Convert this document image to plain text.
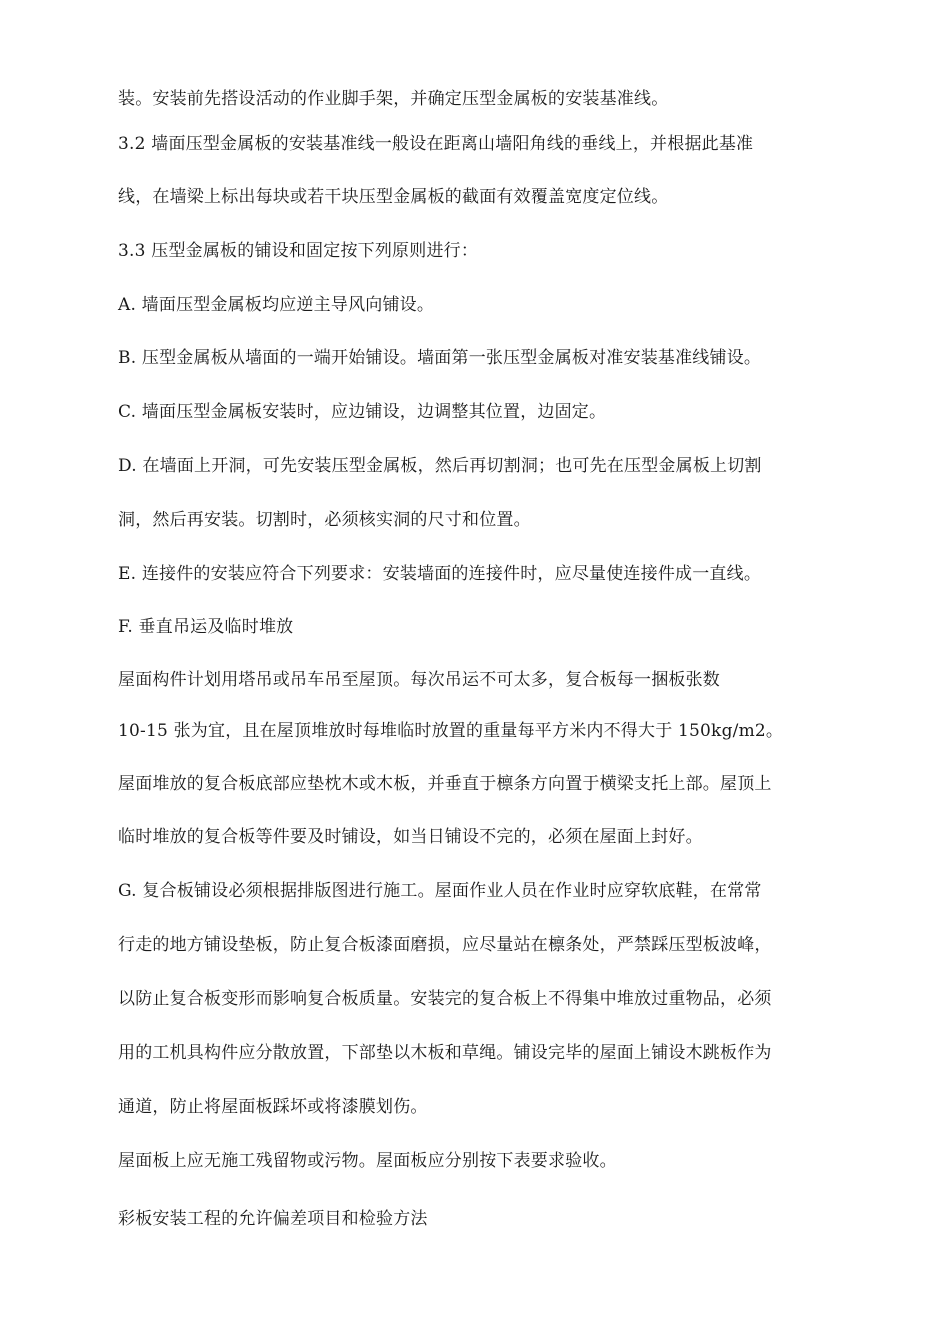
装。安装前先搭设活动的作业脚手架，并确定压型金属板的安装基准线。
3.2 墙面压型金属板的安装基准线一般设在距离山墙阳角线的垂线上，并根据此基准
线，在墙梁上标出每块或若干块压型金属板的截面有效覆盖宽度定位线。
3.3 压型金属板的铺设和固定按下列原则进行：
A. 墙面压型金属板均应逆主导风向铺设。
B. 压型金属板从墙面的一端开始铺设。墙面第一张压型金属板对准安装基准线铺设。
C. 墙面压型金属板安装时，应边铺设，边调整其位置，边固定。
D. 在墙面上开洞，可先安装压型金属板，然后再切割洞；也可先在压型金属板上切割
洞，然后再安装。切割时，必须核实洞的尺寸和位置。
E. 连接件的安装应符合下列要求：安装墙面的连接件时，应尽量使连接件成一直线。
F. 垂直吊运及临时堆放
屋面构件计划用塔吊或吊车吊至屋顶。每次吊运不可太多，复合板每一捆板张数
10-15 张为宜，且在屋顶堆放时每堆临时放置的重量每平方米内不得大于 150kg/m2。
屋面堆放的复合板底部应垫枕木或木板，并垂直于檩条方向置于横梁支托上部。屋顶上
临时堆放的复合板等件要及时铺设，如当日铺设不完的，必须在屋面上封好。
G. 复合板铺设必须根据排版图进行施工。屋面作业人员在作业时应穿软底鞋，在常常
行走的地方铺设垫板，防止复合板漆面磨损，应尽量站在檩条处，严禁踩压型板波峰，
以防止复合板变形而影响复合板质量。安装完的复合板上不得集中堆放过重物品，必须
用的工机具构件应分散放置，下部垫以木板和草绳。铺设完毕的屋面上铺设木跳板作为
通道，防止将屋面板踩坏或将漆膜划伤。
屋面板上应无施工残留物或污物。屋面板应分别按下表要求验收。
彩板安装工程的允许偏差项目和检验方法
